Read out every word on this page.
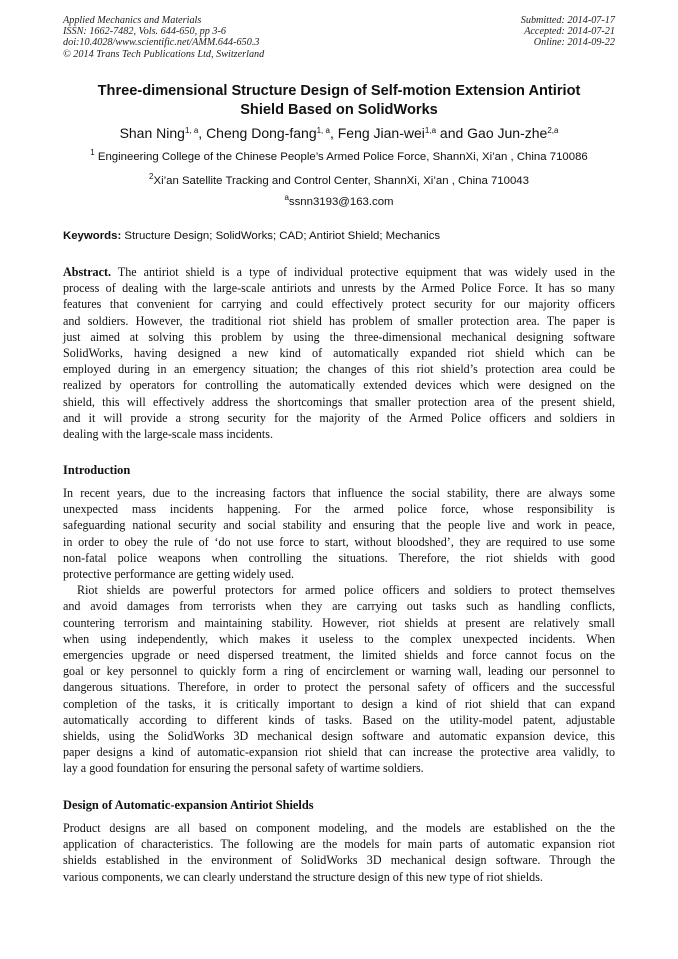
Applied Mechanics and Materials
ISSN: 1662-7482, Vols. 644-650, pp 3-6
doi:10.4028/www.scientific.net/AMM.644-650.3
© 2014 Trans Tech Publications Ltd, Switzerland
Submitted: 2014-07-17
Accepted: 2014-07-21
Online: 2014-09-22
Three-dimensional Structure Design of Self-motion Extension Antiriot
Shield Based on SolidWorks
Shan Ning$^{1, a}$, Cheng Dong-fang$^{1, a}$, Feng Jian-wei$^{1,a}$ and Gao Jun-zhe$^{2,a}$
$^1$ Engineering College of the Chinese People’s Armed Police Force, ShannXi, Xi’an , China 710086
$^2$Xi’an Satellite Tracking and Control Center, ShannXi, Xi’an , China 710043
$^a$ssnn3193@163.com
Keywords: Structure Design; SolidWorks; CAD; Antiriot Shield; Mechanics
Abstract. The antiriot shield is a type of individual protective equipment that was widely used in the
process of dealing with the large-scale antiriots and unrests by the Armed Police Force. It has so many
features that convenient for carrying and could effectively protect security for our majority officers
and soldiers. However, the traditional riot shield has problem of smaller protection area. The paper is
just aimed at solving this problem by using the three-dimensional mechanical designing software
SolidWorks, having designed a new kind of automatically expanded riot shield which can be
employed during in an emergency situation; the changes of this riot shield’s protection area could be
realized by operators for controlling the automatically extended devices which were designed on the
shield, this will effectively address the shortcomings that smaller protection area of the present shield,
and it will provide a strong security for the majority of the Armed Police officers and soldiers in
dealing with the large-scale mass incidents.
Introduction
In recent years, due to the increasing factors that influence the social stability, there are always some
unexpected mass incidents happening. For the armed police force, whose responsibility is
safeguarding national security and social stability and ensuring that the people live and work in peace,
in order to obey the rule of ‘do not use force to start, without bloodshed’, they are required to use some
non-fatal police weapons when controlling the situations. Therefore, the riot shields with good
protective performance are getting widely used.
Riot shields are powerful protectors for armed police officers and soldiers to protect themselves
and avoid damages from terrorists when they are carrying out tasks such as handling conflicts,
countering terrorism and maintaining stability. However, riot shields at present are relatively small
when using independently, which makes it useless to the complex unexpected incidents. When
emergencies upgrade or need dispersed treatment, the limited shields and force cannot focus on the
goal or key personnel to quickly form a ring of encirclement or warning wall, leading our personnel to
dangerous situations. Therefore, in order to protect the personal safety of officers and the successful
completion of the tasks, it is critically important to design a kind of riot shield that can expand
automatically according to different kinds of tasks. Based on the utility-model patent, adjustable
shields, using the SolidWorks 3D mechanical design software and automatic expansion device, this
paper designs a kind of automatic-expansion riot shield that can increase the protective area validly, to
lay a good foundation for ensuring the personal safety of wartime soldiers.
Design of Automatic-expansion Antiriot Shields
Product designs are all based on component modeling, and the models are established on the the
application of characteristics. The following are the models for main parts of automatic expansion riot
shields established in the environment of SolidWorks 3D mechanical design software. Through the
various components, we can clearly understand the structure design of this new type of riot shields.
